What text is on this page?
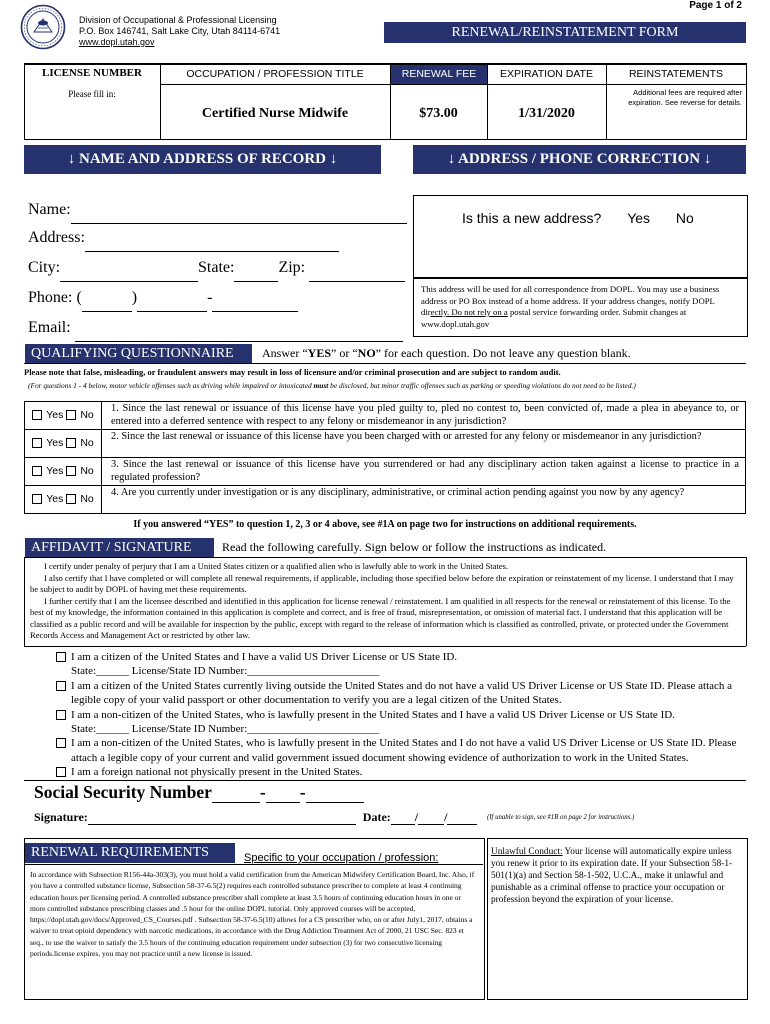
Division of Occupational & Professional Licensing
P.O. Box 146741, Salt Lake City, Utah 84114-6741
www.dopl.utah.gov
Page 1 of 2
RENEWAL/REINSTATEMENT FORM
LICENSE NUMBER
Please fill in:
OCCUPATION / PROFESSION TITLE	RENEWAL FEE	EXPIRATION DATE	REINSTATEMENTS
Additional fees are required after expiration. See reverse for details.
Certified Nurse Midwife	$73.00	1/31/2020
↓ NAME AND ADDRESS OF RECORD ↓	↓ ADDRESS / PHONE CORRECTION ↓
Name:
Address:
City:	State:	Zip:
Phone: (	)	-
Email:
Is this a new address? Yes No
This address will be used for all correspondence from DOPL. You may use a business address or PO Box instead of a home address. If your address changes, notify DOPL directly. Do not rely on a postal service forwarding order. Submit changes at www.dopl.utah.gov
QUALIFYING QUESTIONNAIRE	Answer “YES” or “NO” for each question. Do not leave any question blank.
Please note that false, misleading, or fraudulent answers may result in loss of licensure and/or criminal prosecution and are subject to random audit.
(For questions 1 - 4 below, motor vehicle offenses such as driving while impaired or intoxicated must be disclosed, but minor traffic offenses such as parking or speeding violations do not need to be listed.)
Yes No
1. Since the last renewal or issuance of this license have you pled guilty to, pled no contest to, been convicted of, made a plea in abeyance to, or entered into a deferred sentence with respect to any felony or misdemeanor in any jurisdiction?
Yes No
2. Since the last renewal or issuance of this license have you been charged with or arrested for any felony or misdemeanor in any jurisdiction?
Yes No
3. Since the last renewal or issuance of this license have you surrendered or had any disciplinary action taken against a license to practice in a regulated profession?
Yes No
4. Are you currently under investigation or is any disciplinary, administrative, or criminal action pending against you now by any agency?
If you answered “YES” to question 1, 2, 3 or 4 above, see #1A on page two for instructions on additional requirements.
AFFIDAVIT / SIGNATURE	Read the following carefully. Sign below or follow the instructions as indicated.
I certify under penalty of perjury that I am a United States citizen or a qualified alien who is lawfully able to work in the United States.
I also certify that I have completed or will complete all renewal requirements, if applicable, including those specified below before the expiration or reinstatement of my license. I understand that I may be subject to audit by DOPL of having met these requirements.
I further certify that I am the licensee described and identified in this application for license renewal / reinstatement. I am qualified in all respects for the renewal or reinstatement of this license. To the best of my knowledge, the information contained in this application is complete and correct, and is free of fraud, misrepresentation, or omission of material fact. I understand that this application will be classified as a public record and will be available for inspection by the public, except with regard to the release of information which is classified as controlled, private, or protected under the Government Records Access and Management Act or restricted by other law.
I am a citizen of the United States and I have a valid US Driver License or US State ID.
State:______ License/State ID Number:________________________
I am a citizen of the United States currently living outside the United States and do not have a valid US Driver License or US State ID. Please attach a legible copy of your valid passport or other documentation to verify you are a legal citizen of the United States.
I am a non-citizen of the United States, who is lawfully present in the United States and I have a valid US Driver License or US State ID.
State:______ License/State ID Number:________________________
I am a non-citizen of the United States, who is lawfully present in the United States and I do not have a valid US Driver License or US State ID. Please attach a legible copy of your current and valid government issued document showing evidence of authorization to work in the United States.
I am a foreign national not physically present in the United States.
Social Security Number	- -
Signature:	Date: / /	(If unable to sign, see #1B on page 2 for instructions.)
RENEWAL REQUIREMENTS	Specific to your occupation / profession:
In accordance with Subsection R156-44a-303(3), you must hold a valid certification from the American Midwifery Certification Board, Inc. Also, if you have a controlled substance license, Subsection 58-37-6.5(2) requires each controlled substance prescriber to complete at least 4 continuing education hours per licensing period. A controlled substance prescriber shall complete at least 3.5 hours of continuing education hours in one or more controlled substance prescribing classes and .5 hour for the online DOPL tutorial. Only approved courses will be accepted, https://dopl.utah.gov/docs/Approved_CS_Courses.pdf . Subsection 58-37-6.5(10) allows for a CS prescriber who, on or after July1, 2017, obtains a waiver to treat opioid dependency with narcotic medications, in accordance with the Drug Addiction Treatment Act of 2000, 21 USC Sec. 823 et seq., to use the waiver to satisfy the 3.5 hours of the continuing education requirement under subsection (3) for two consecutive licensing periods.license expires, you may not practice until a new license is issued.
Unlawful Conduct: Your license will automatically expire unless you renew it prior to its expiration date. If your Subsection 58-1-501(1)(a) and Section 58-1-502, U.C.A., make it unlawful and punishable as a criminal offense to practice your occupation or profession beyond the expiration of your license.
